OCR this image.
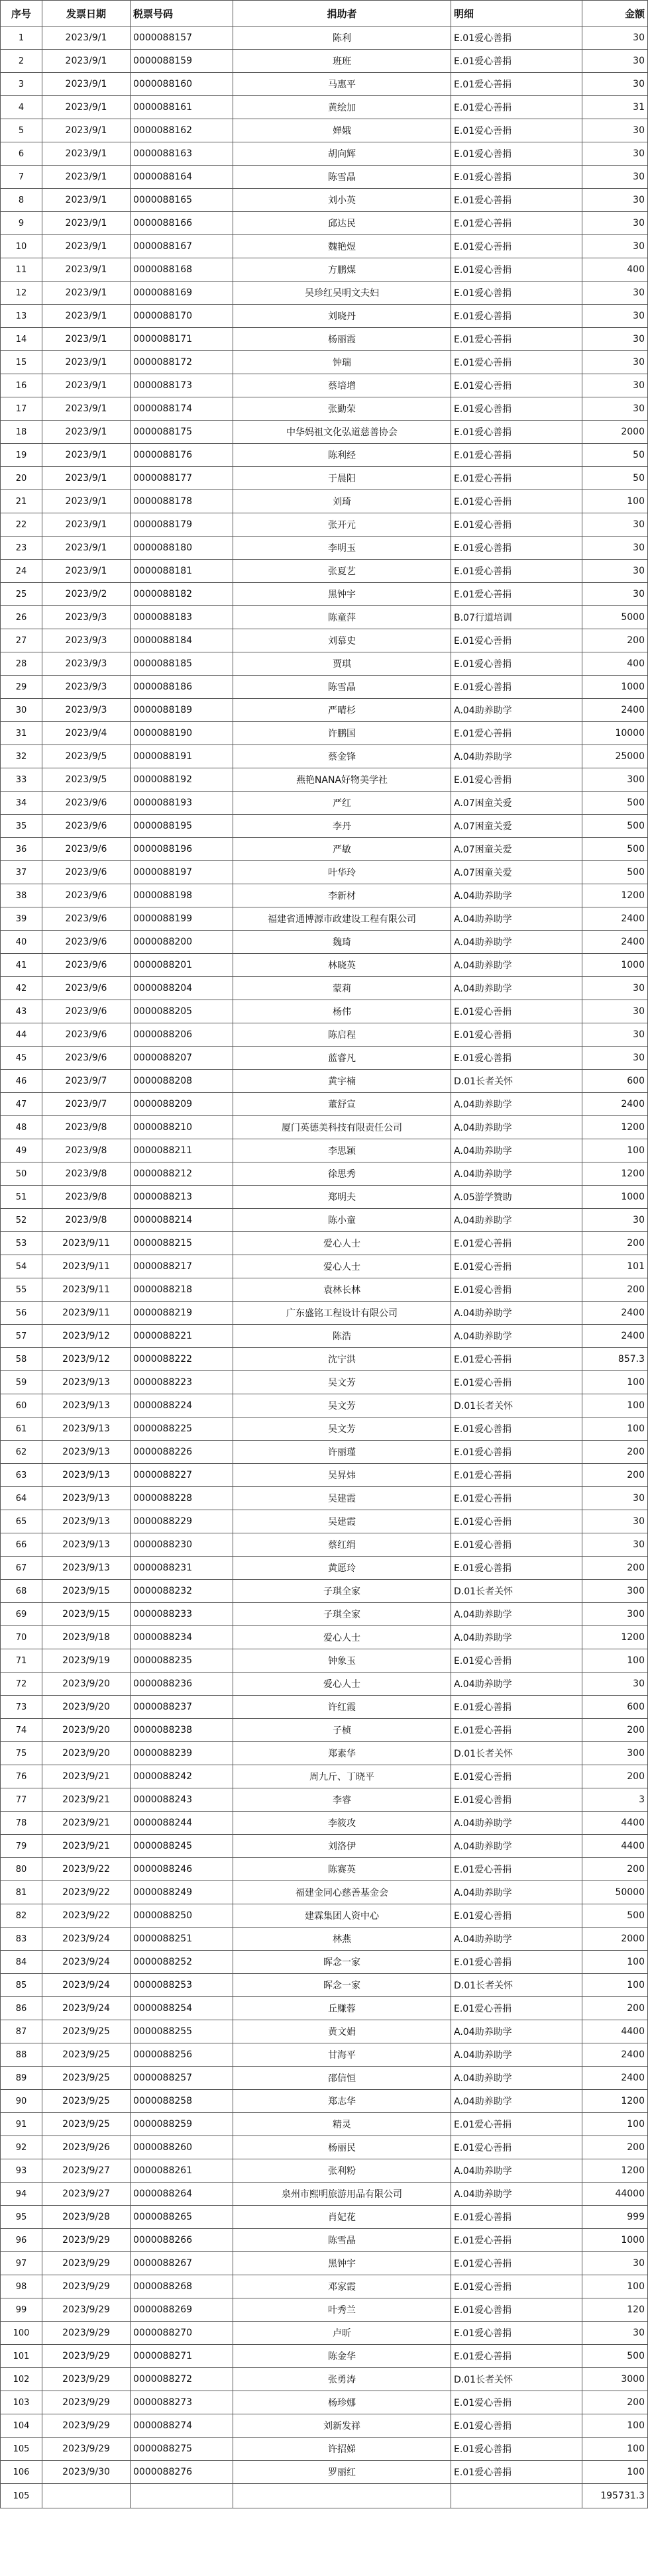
序号	发票日期	税票号码	捐助者	明细	金额
1	2023/9/1	0000088157	陈利	E.01爱心善捐	30
2	2023/9/1	0000088159	班班	E.01爱心善捐	30
3	2023/9/1	0000088160	马惠平	E.01爱心善捐	30
4	2023/9/1	0000088161	黄绘加	E.01爱心善捐	31
5	2023/9/1	0000088162	婵娥	E.01爱心善捐	30
6	2023/9/1	0000088163	胡向辉	E.01爱心善捐	30
7	2023/9/1	0000088164	陈雪晶	E.01爱心善捐	30
8	2023/9/1	0000088165	刘小英	E.01爱心善捐	30
9	2023/9/1	0000088166	邱达民	E.01爱心善捐	30
10	2023/9/1	0000088167	魏艳煜	E.01爱心善捐	30
11	2023/9/1	0000088168	方鹏煤	E.01爱心善捐	400
12	2023/9/1	0000088169	吴珍红吴明文夫妇	E.01爱心善捐	30
13	2023/9/1	0000088170	刘晓丹	E.01爱心善捐	30
14	2023/9/1	0000088171	杨丽霞	E.01爱心善捐	30
15	2023/9/1	0000088172	钟瑞	E.01爱心善捐	30
16	2023/9/1	0000088173	蔡培增	E.01爱心善捐	30
17	2023/9/1	0000088174	张勤荣	E.01爱心善捐	30
18	2023/9/1	0000088175	中华妈祖文化弘道慈善协会	E.01爱心善捐	2000
19	2023/9/1	0000088176	陈利经	E.01爱心善捐	50
20	2023/9/1	0000088177	于晨阳	E.01爱心善捐	50
21	2023/9/1	0000088178	刘琦	E.01爱心善捐	100
22	2023/9/1	0000088179	张开元	E.01爱心善捐	30
23	2023/9/1	0000088180	李明玉	E.01爱心善捐	30
24	2023/9/1	0000088181	张夏艺	E.01爱心善捐	30
25	2023/9/2	0000088182	黑钟宇	E.01爱心善捐	30
26	2023/9/3	0000088183	陈童萍	B.07行道培训	5000
27	2023/9/3	0000088184	刘慕史	E.01爱心善捐	200
28	2023/9/3	0000088185	贾琪	E.01爱心善捐	400
29	2023/9/3	0000088186	陈雪晶	E.01爱心善捐	1000
30	2023/9/3	0000088189	严晴杉	A.04助养助学	2400
31	2023/9/4	0000088190	许鹏国	E.01爱心善捐	10000
32	2023/9/5	0000088191	蔡金锋	A.04助养助学	25000
33	2023/9/5	0000088192	燕艳NANA好物美学社	E.01爱心善捐	300
34	2023/9/6	0000088193	严红	A.07困童关爱	500
35	2023/9/6	0000088195	李丹	A.07困童关爱	500
36	2023/9/6	0000088196	严敏	A.07困童关爱	500
37	2023/9/6	0000088197	叶华玲	A.07困童关爱	500
38	2023/9/6	0000088198	李新材	A.04助养助学	1200
39	2023/9/6	0000088199	福建省通博源市政建设工程有限公司	A.04助养助学	2400
40	2023/9/6	0000088200	魏琦	A.04助养助学	2400
41	2023/9/6	0000088201	林晓英	A.04助养助学	1000
42	2023/9/6	0000088204	蒙莉	A.04助养助学	30
43	2023/9/6	0000088205	杨伟	E.01爱心善捐	30
44	2023/9/6	0000088206	陈启程	E.01爱心善捐	30
45	2023/9/6	0000088207	蓝睿凡	E.01爱心善捐	30
46	2023/9/7	0000088208	黄宇楠	D.01长者关怀	600
47	2023/9/7	0000088209	董舒宣	A.04助养助学	2400
48	2023/9/8	0000088210	厦门英德美科技有限责任公司	A.04助养助学	1200
49	2023/9/8	0000088211	李思颖	A.04助养助学	100
50	2023/9/8	0000088212	徐思秀	A.04助养助学	1200
51	2023/9/8	0000088213	郑明夫	A.05游学赞助	1000
52	2023/9/8	0000088214	陈小童	A.04助养助学	30
53	2023/9/11	0000088215	爱心人士	E.01爱心善捐	200
54	2023/9/11	0000088217	爱心人士	E.01爱心善捐	101
55	2023/9/11	0000088218	袁林长林	E.01爱心善捐	200
56	2023/9/11	0000088219	广东盛铭工程设计有限公司	A.04助养助学	2400
57	2023/9/12	0000088221	陈浩	A.04助养助学	2400
58	2023/9/12	0000088222	沈宁洪	E.01爱心善捐	857.3
59	2023/9/13	0000088223	吴文芳	E.01爱心善捐	100
60	2023/9/13	0000088224	吴文芳	D.01长者关怀	100
61	2023/9/13	0000088225	吴文芳	E.01爱心善捐	100
62	2023/9/13	0000088226	许丽瑾	E.01爱心善捐	200
63	2023/9/13	0000088227	吴昇炜	E.01爱心善捐	200
64	2023/9/13	0000088228	吴建霞	E.01爱心善捐	30
65	2023/9/13	0000088229	吴建霞	E.01爱心善捐	30
66	2023/9/13	0000088230	蔡红绢	E.01爱心善捐	30
67	2023/9/13	0000088231	黄愿玲	E.01爱心善捐	200
68	2023/9/15	0000088232	子琪全家	D.01长者关怀	300
69	2023/9/15	0000088233	子琪全家	A.04助养助学	300
70	2023/9/18	0000088234	爱心人士	A.04助养助学	1200
71	2023/9/19	0000088235	钟象玉	E.01爱心善捐	100
72	2023/9/20	0000088236	爱心人士	A.04助养助学	30
73	2023/9/20	0000088237	许红霞	E.01爱心善捐	600
74	2023/9/20	0000088238	子桢	E.01爱心善捐	200
75	2023/9/20	0000088239	郑素华	D.01长者关怀	300
76	2023/9/21	0000088242	周九斤、丁晓平	E.01爱心善捐	200
77	2023/9/21	0000088243	李睿	E.01爱心善捐	3
78	2023/9/21	0000088244	李筱攻	A.04助养助学	4400
79	2023/9/21	0000088245	刘洛伊	A.04助养助学	4400
80	2023/9/22	0000088246	陈赛英	E.01爱心善捐	200
81	2023/9/22	0000088249	福建金同心慈善基金会	A.04助养助学	50000
82	2023/9/22	0000088250	建霖集团人资中心	E.01爱心善捐	500
83	2023/9/24	0000088251	林燕	A.04助养助学	2000
84	2023/9/24	0000088252	晖念一家	E.01爱心善捐	100
85	2023/9/24	0000088253	晖念一家	D.01长者关怀	100
86	2023/9/24	0000088254	丘赚蓉	E.01爱心善捐	200
87	2023/9/25	0000088255	黄文娟	A.04助养助学	4400
88	2023/9/25	0000088256	甘海平	A.04助养助学	2400
89	2023/9/25	0000088257	邵信恒	A.04助养助学	2400
90	2023/9/25	0000088258	郑志华	A.04助养助学	1200
91	2023/9/25	0000088259	精灵	E.01爱心善捐	100
92	2023/9/26	0000088260	杨丽民	E.01爱心善捐	200
93	2023/9/27	0000088261	张利粉	A.04助养助学	1200
94	2023/9/27	0000088264	泉州市熙明旅游用品有限公司	A.04助养助学	44000
95	2023/9/28	0000088265	肖妃花	E.01爱心善捐	999
96	2023/9/29	0000088266	陈雪晶	E.01爱心善捐	1000
97	2023/9/29	0000088267	黑钟宇	E.01爱心善捐	30
98	2023/9/29	0000088268	邓家霞	E.01爱心善捐	100
99	2023/9/29	0000088269	叶秀兰	E.01爱心善捐	120
100	2023/9/29	0000088270	卢昕	E.01爱心善捐	30
101	2023/9/29	0000088271	陈金华	E.01爱心善捐	500
102	2023/9/29	0000088272	张勇涛	D.01长者关怀	3000
103	2023/9/29	0000088273	杨珍娜	E.01爱心善捐	200
104	2023/9/29	0000088274	刘新发祥	E.01爱心善捐	100
105	2023/9/29	0000088275	许招娣	E.01爱心善捐	100
106	2023/9/30	0000088276	罗丽红	E.01爱心善捐	100
105					195731.3
